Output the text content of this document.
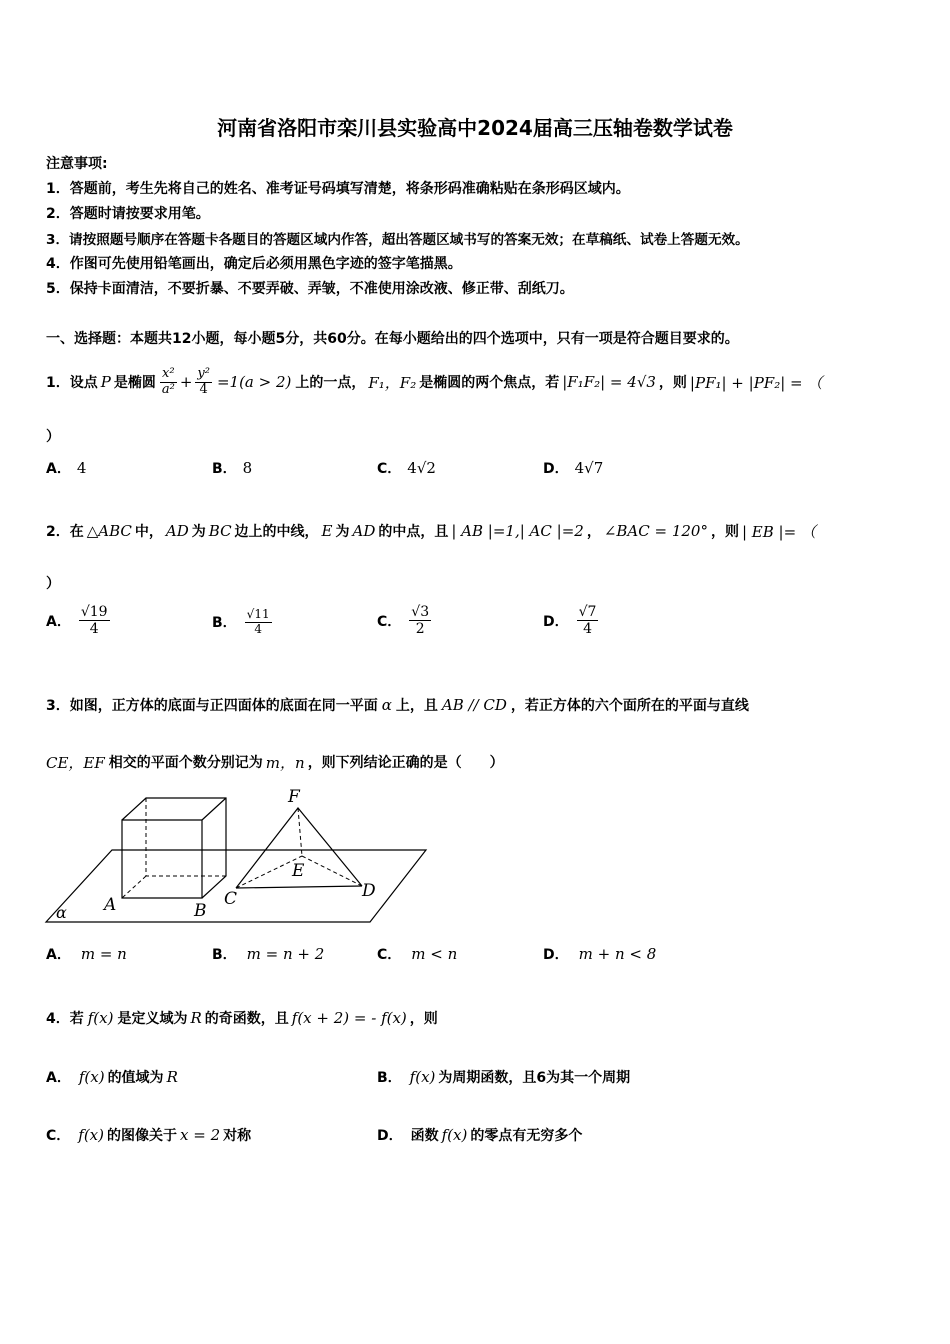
河南省洛阳市栾川县实验高中2024届高三压轴卷数学试卷
注意事项:
1．答题前，考生先将自己的姓名、准考证号码填写清楚，将条形码准确粘贴在条形码区域内。
2．答题时请按要求用笔。
3．请按照题号顺序在答题卡各题目的答题区域内作答，超出答题区域书写的答案无效；在草稿纸、试卷上答题无效。
4．作图可先使用铅笔画出，确定后必须用黑色字迹的签字笔描黑。
5．保持卡面清洁，不要折暴、不要弄破、弄皱，不准使用涂改液、修正带、刮纸刀。
一、选择题：本题共12小题，每小题5分，共60分。在每小题给出的四个选项中，只有一项是符合题目要求的。
1．设点 P 是椭圆 $\frac{\text{x²}}{\text{a²}} + \frac{\text{y²}}{4} =1(a > 2)$ 上的一点， F₁，F₂ 是椭圆的两个焦点，若 |F₁F₂| = 4√3 ，则 |PF₁| + |PF₂| = （
）
A． 4	B． 8	C． 4√2	D． 4√7
2．在 △ABC 中， AD 为 BC 边上的中线， E 为 AD 的中点，且 | AB |=1,| AC |=2 ， ∠BAC = 120° ，则 | EB |= （
）
A． $\frac{√19}{4}$	B． $\frac{√11}{4}$	C． $\frac{√3}{2}$	D． $\frac{√7}{4}$
3．如图，正方体的底面与正四面体的底面在同一平面 α 上，且 AB // CD ，若正方体的六个面所在的平面与直线
CE，EF 相交的平面个数分别记为 m，n ，则下列结论正确的是（　　）
F
E
A	B
C	D
α
A． m = n	B． m = n + 2	C． m < n	D． m + n < 8
4．若 f(x) 是定义域为 R 的奇函数，且 f(x + 2) = - f(x) ，则
A． f(x) 的值域为 R	B． f(x) 为周期函数，且6为其一个周期
C． f(x) 的图像关于 x = 2 对称	D． 函数 f(x) 的零点有无穷多个
